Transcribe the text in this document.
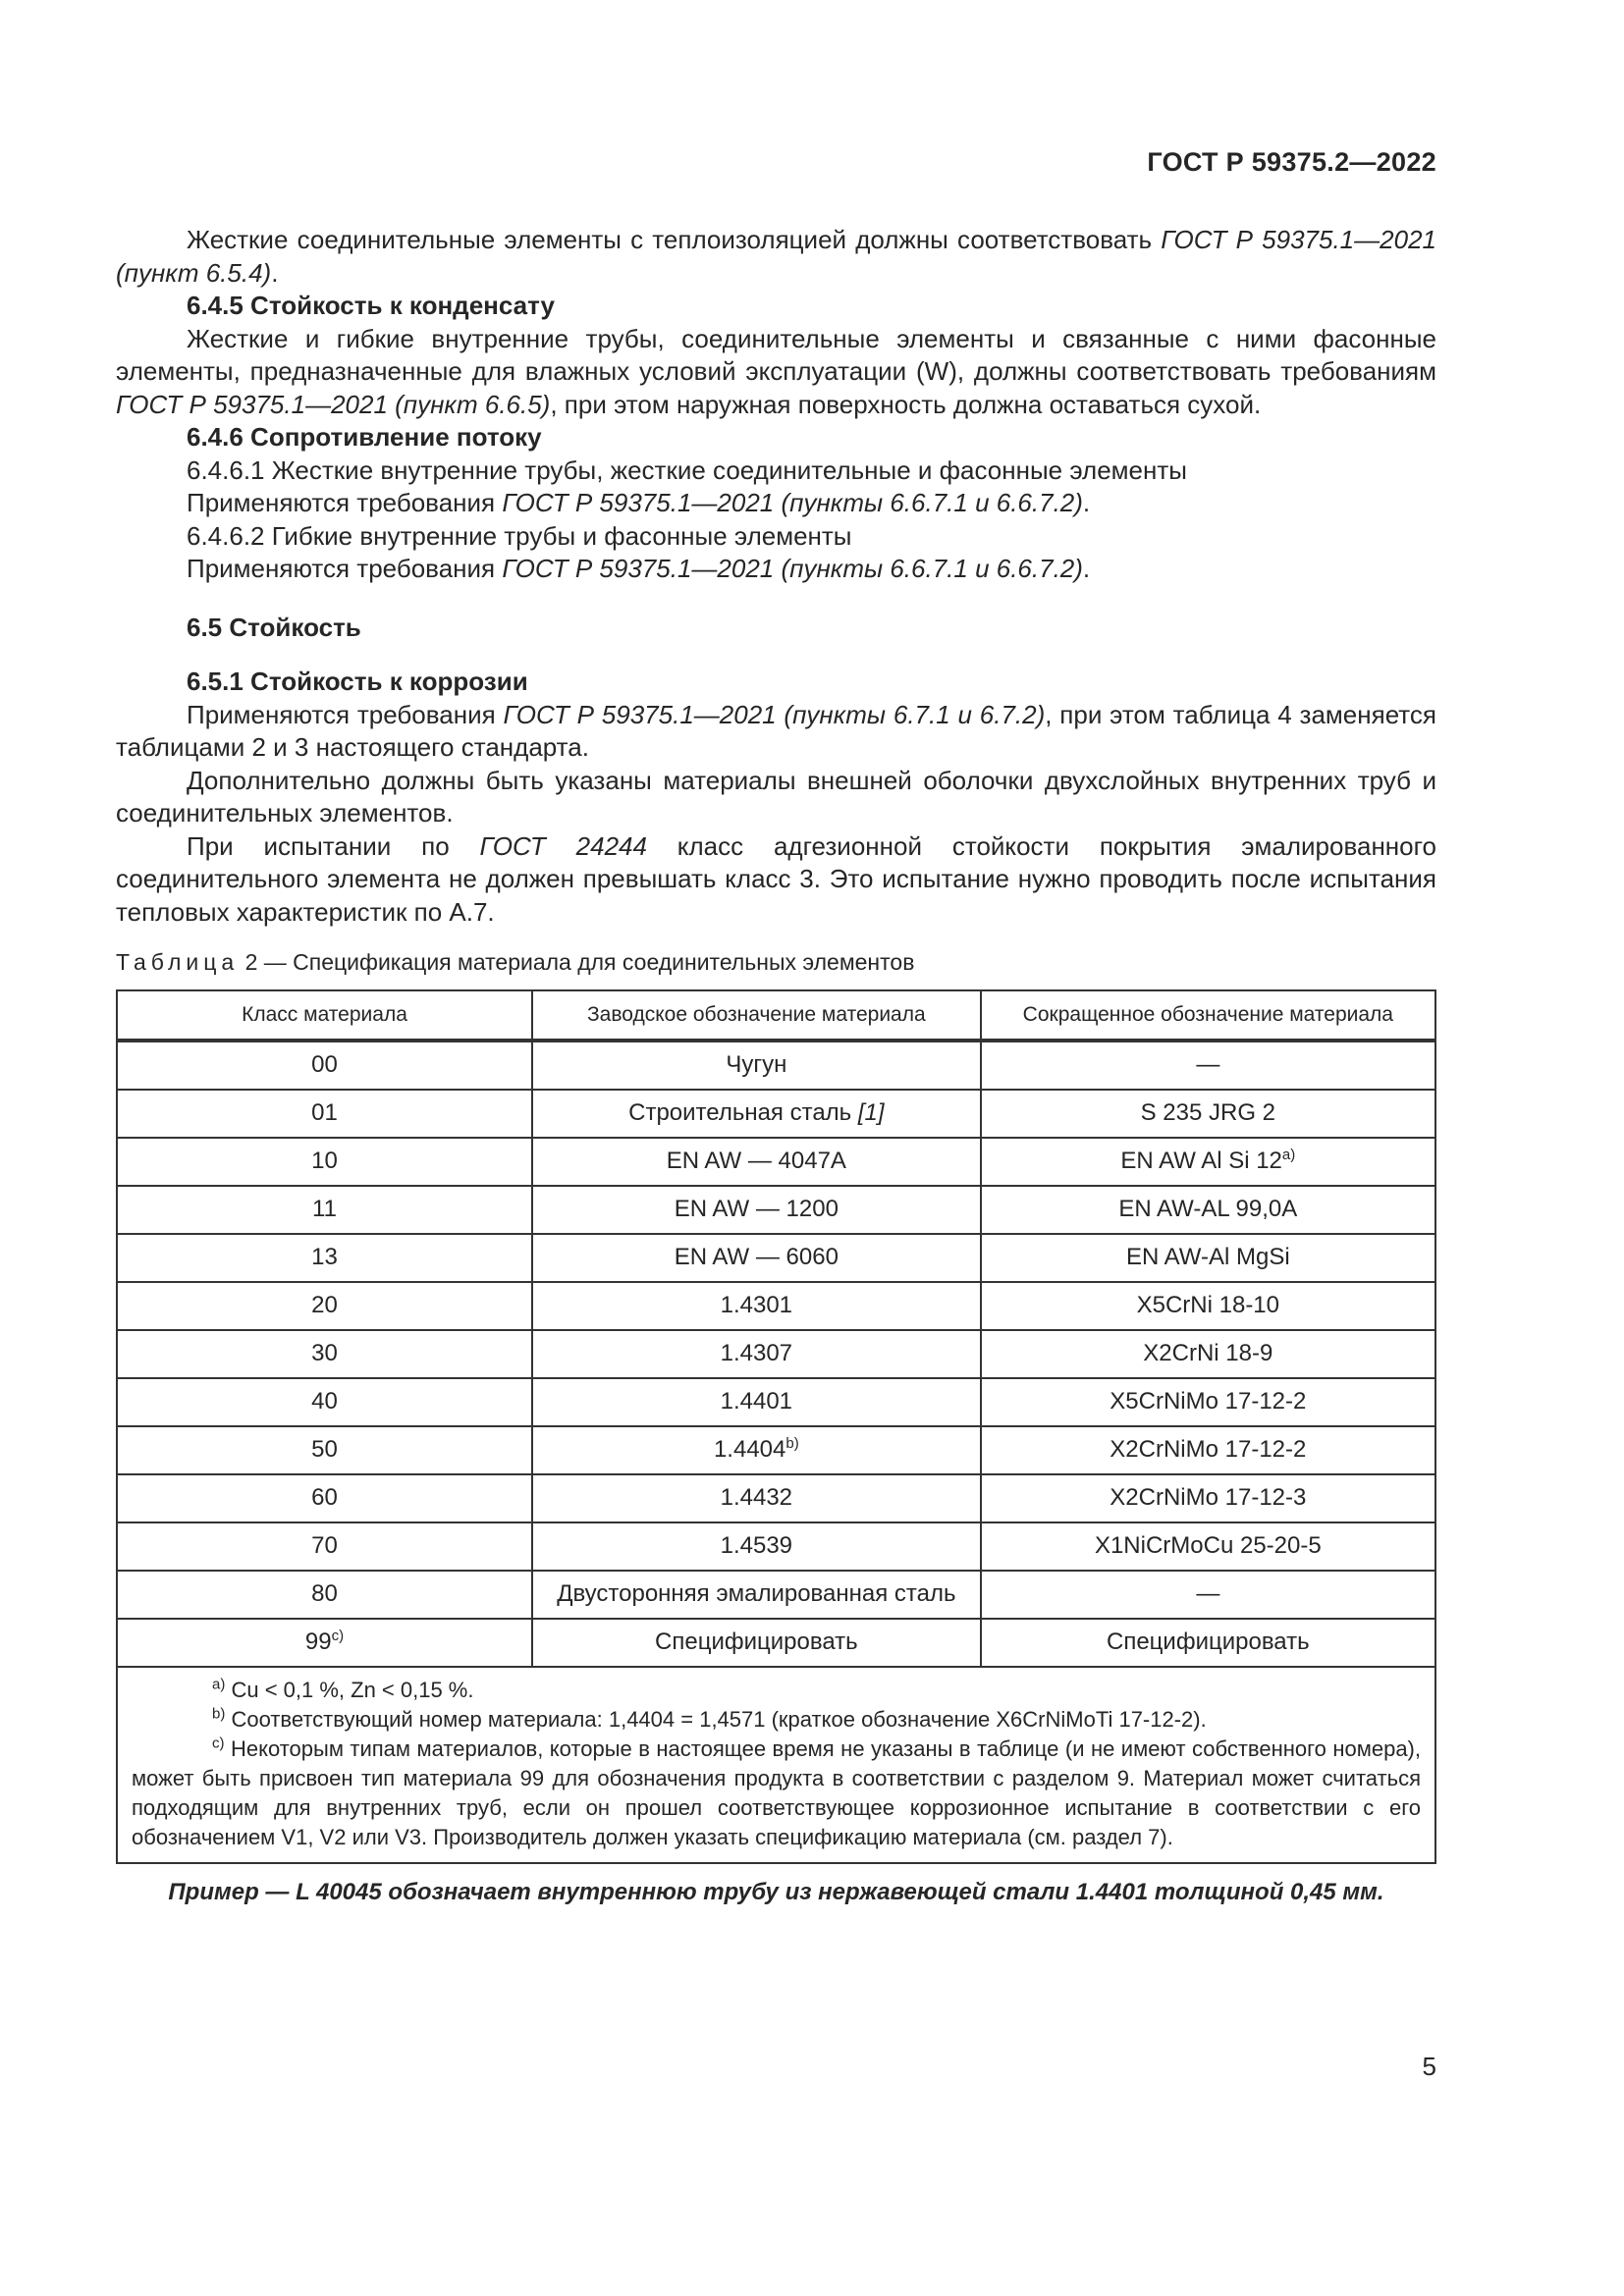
ГОСТ Р 59375.2—2022

Жесткие соединительные элементы с теплоизоляцией должны соответствовать ГОСТ Р 59375.1—2021 (пункт 6.5.4).

6.4.5 Стойкость к конденсату

Жесткие и гибкие внутренние трубы, соединительные элементы и связанные с ними фасонные элементы, предназначенные для влажных условий эксплуатации (W), должны соответствовать требованиям ГОСТ Р 59375.1—2021 (пункт 6.6.5), при этом наружная поверхность должна оставаться сухой.

6.4.6 Сопротивление потоку

6.4.6.1 Жесткие внутренние трубы, жесткие соединительные и фасонные элементы

Применяются требования ГОСТ Р 59375.1—2021 (пункты 6.6.7.1 и 6.6.7.2).

6.4.6.2 Гибкие внутренние трубы и фасонные элементы

Применяются требования ГОСТ Р 59375.1—2021 (пункты 6.6.7.1 и 6.6.7.2).

6.5 Стойкость

6.5.1 Стойкость к коррозии

Применяются требования ГОСТ Р 59375.1—2021 (пункты 6.7.1 и 6.7.2), при этом таблица 4 заменяется таблицами 2 и 3 настоящего стандарта.

Дополнительно должны быть указаны материалы внешней оболочки двухслойных внутренних труб и соединительных элементов.

При испытании по ГОСТ 24244 класс адгезионной стойкости покрытия эмалированного соединительного элемента не должен превышать класс 3. Это испытание нужно проводить после испытания тепловых характеристик по А.7.

Таблица 2 — Спецификация материала для соединительных элементов
Класс материала	Заводское обозначение материала	Сокращенное обозначение материала
00	Чугун	—
01	Строительная сталь [1]	S 235 JRG 2
10	EN AW — 4047A	EN AW Al Si 12$^{a)}$
11	EN AW — 1200	EN AW-AL 99,0A
13	EN AW — 6060	EN AW-Al MgSi
20	1.4301	X5CrNi 18-10
30	1.4307	X2CrNi 18-9
40	1.4401	X5CrNiMo 17-12-2
50	1.4404$^{b)}$	X2CrNiMo 17-12-2
60	1.4432	X2CrNiMo 17-12-3
70	1.4539	X1NiCrMoCu 25-20-5
80	Двусторонняя эмалированная сталь	—
99$^{c)}$	Специфицировать	Специфицировать

$^{a)}$ Cu < 0,1 %, Zn < 0,15 %.

$^{b)}$ Соответствующий номер материала: 1,4404 = 1,4571 (краткое обозначение X6CrNiMoTi 17-12-2).

$^{c)}$ Некоторым типам материалов, которые в настоящее время не указаны в таблице (и не имеют собственного номера), может быть присвоен тип материала 99 для обозначения продукта в соответствии с разделом 9. Материал может считаться подходящим для внутренних труб, если он прошел соответствующее коррозионное испытание в соответствии с его обозначением V1, V2 или V3. Производитель должен указать спецификацию материала (см. раздел 7).		

Пример — L 40045 обозначает внутреннюю трубу из нержавеющей стали 1.4401 толщиной 0,45 мм.
5
